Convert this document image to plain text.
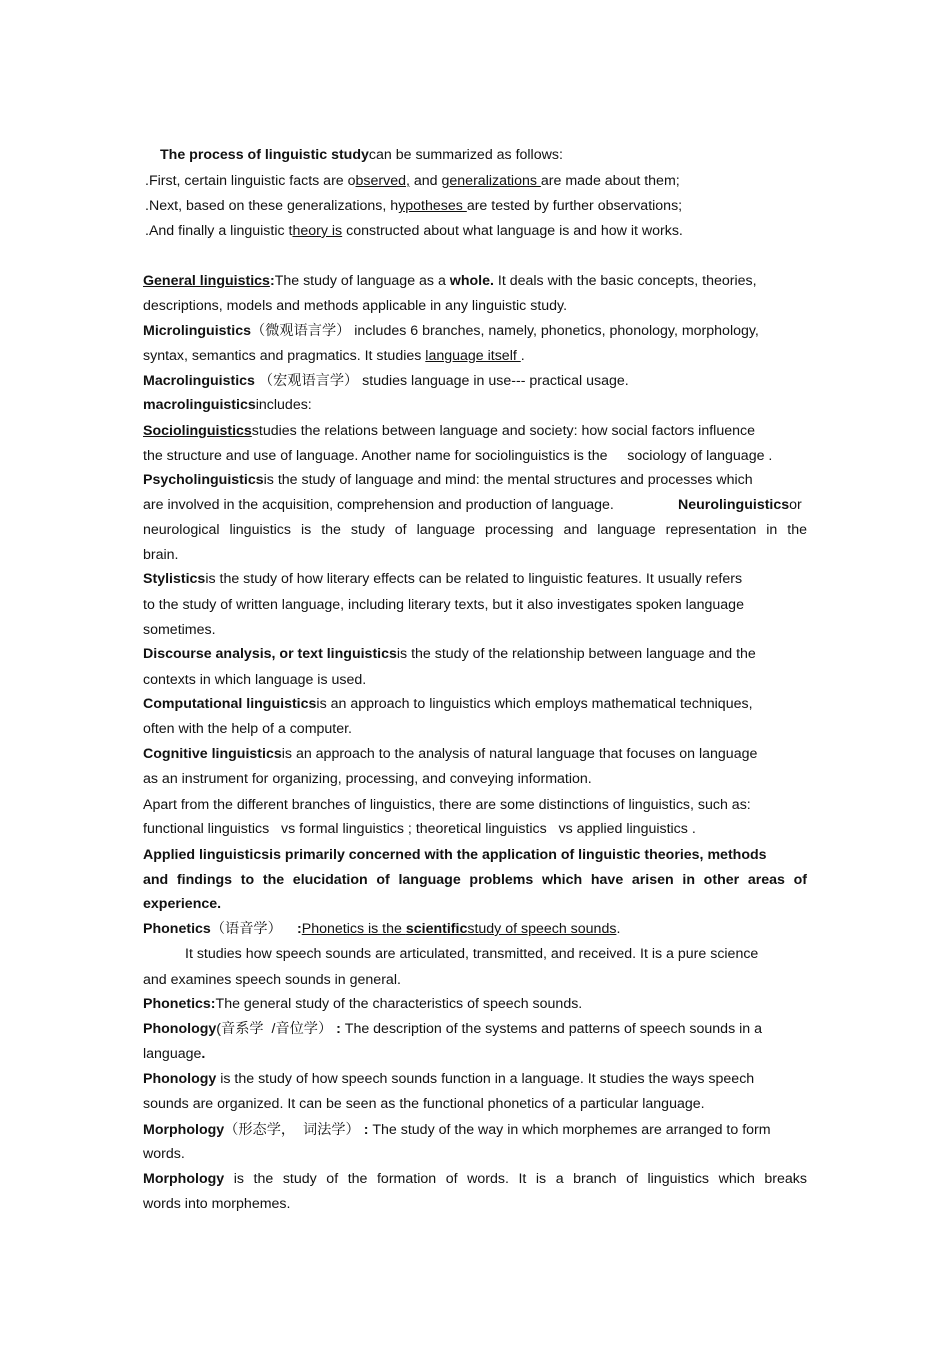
The process of linguistic studycan be summarized as follows:
.First, certain linguistic facts are observed, and generalizations are made about them;
.Next, based on these generalizations, hypotheses are tested by further observations;
.And finally a linguistic theory is constructed about what language is and how it works.
General linguistics:The study of language as a whole. It deals with the basic concepts, theories,
descriptions, models and methods applicable in any linguistic study.
Microlinguistics（微观语言学） includes 6 branches, namely, phonetics, phonology, morphology,
syntax, semantics and pragmatics. It studies language itself .
Macrolinguistics （宏观语言学） studies language in use--- practical usage.
macrolinguisticsincludes:
Sociolinguisticsstudies the relations between language and society: how social factors influence
the structure and use of language. Another name for sociolinguistics is the     sociology of language .
Psycholinguisticsis the study of language and mind: the mental structures and processes which
are involved in the acquisition, comprehension and production of language.	Neurolinguisticsor
neurological linguistics is the study of language processing and language representation in the
brain.
Stylisticsis the study of how literary effects can be related to linguistic features. It usually refers
to the study of written language, including literary texts, but it also investigates spoken language
sometimes.
Discourse analysis, or text linguisticsis the study of the relationship between language and the
contexts in which language is used.
Computational linguisticsis an approach to linguistics which employs mathematical techniques,
often with the help of a computer.
Cognitive linguisticsis an approach to the analysis of natural language that focuses on language
as an instrument for organizing, processing, and conveying information.
Apart from the different branches of linguistics, there are some distinctions of linguistics, such as:
functional linguistics   vs formal linguistics ; theoretical linguistics   vs applied linguistics .
Applied linguisticsis primarily concerned with the application of linguistic theories, methods
and findings to the elucidation of language problems which have arisen in other areas of
experience.
Phonetics（语音学） :Phonetics is the scientificstudy of speech sounds.
It studies how speech sounds are articulated, transmitted, and received. It is a pure science
and examines speech sounds in general.
Phonetics:The general study of the characteristics of speech sounds.
Phonology(音系学  /音位学） : The description of the systems and patterns of speech sounds in a
language.
Phonology is the study of how speech sounds function in a language. It studies the ways speech
sounds are organized. It can be seen as the functional phonetics of a particular language.
Morphology（形态学，  词法学） : The study of the way in which morphemes are arranged to form
words.
Morphology is the study of the formation of words. It is a branch of linguistics which breaks
words into morphemes.
